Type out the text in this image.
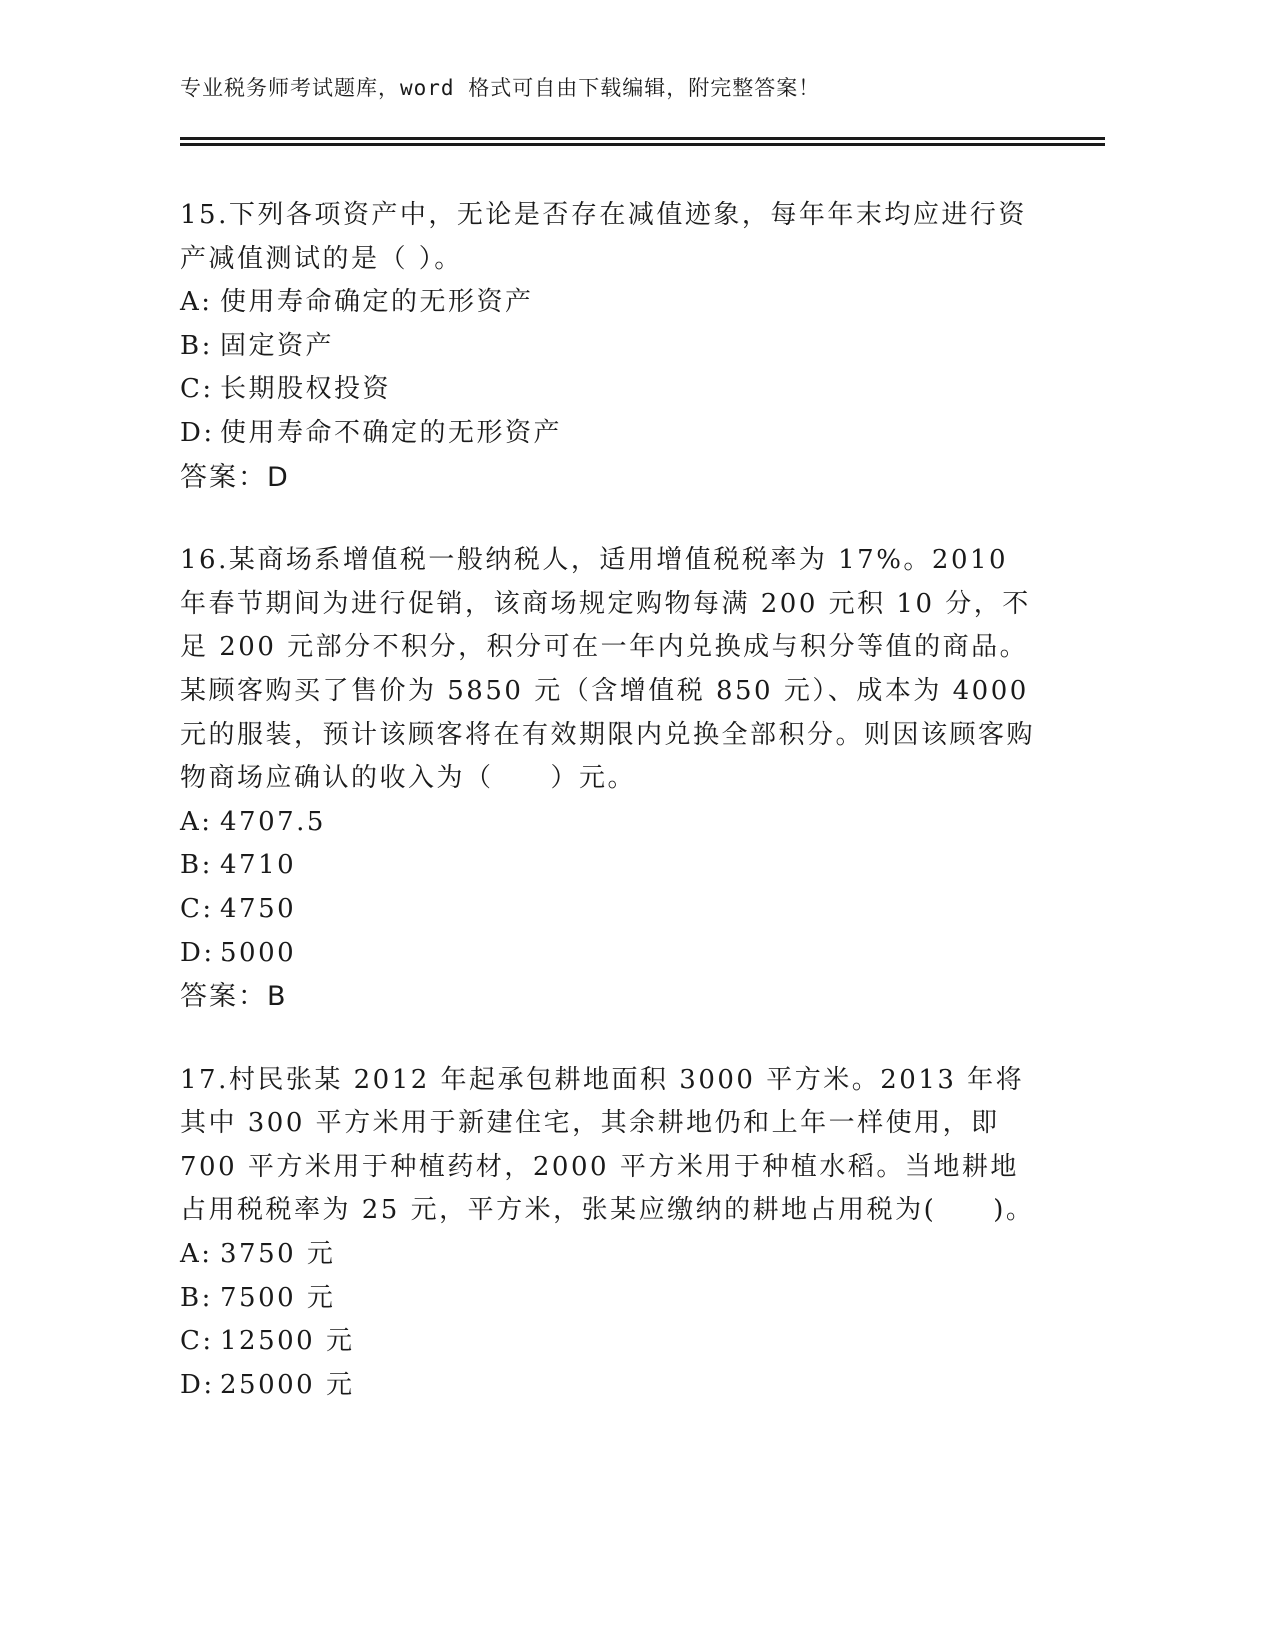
专业税务师考试题库，word 格式可自由下载编辑，附完整答案！

15.下列各项资产中，无论是否存在减值迹象，每年年末均应进行资产减值测试的是（ ）。

A: 使用寿命确定的无形资产

B: 固定资产

C: 长期股权投资

D: 使用寿命不确定的无形资产

答案：D

16.某商场系增值税一般纳税人，适用增值税税率为 17%。2010 年春节期间为进行促销，该商场规定购物每满 200 元积 10 分，不足 200 元部分不积分，积分可在一年内兑换成与积分等值的商品。某顾客购买了售价为 5850 元（含增值税 850 元）、成本为 4000 元的服装，预计该顾客将在有效期限内兑换全部积分。则因该顾客购物商场应确认的收入为（　　）元。

A: 4707.5

B: 4710

C: 4750

D: 5000

答案：B

17.村民张某 2012 年起承包耕地面积 3000 平方米。2013 年将其中 300 平方米用于新建住宅，其余耕地仍和上年一样使用，即 700 平方米用于种植药材，2000 平方米用于种植水稻。当地耕地占用税税率为 25 元，平方米，张某应缴纳的耕地占用税为(　　)。

A: 3750 元

B: 7500 元

C: 12500 元

D: 25000 元
